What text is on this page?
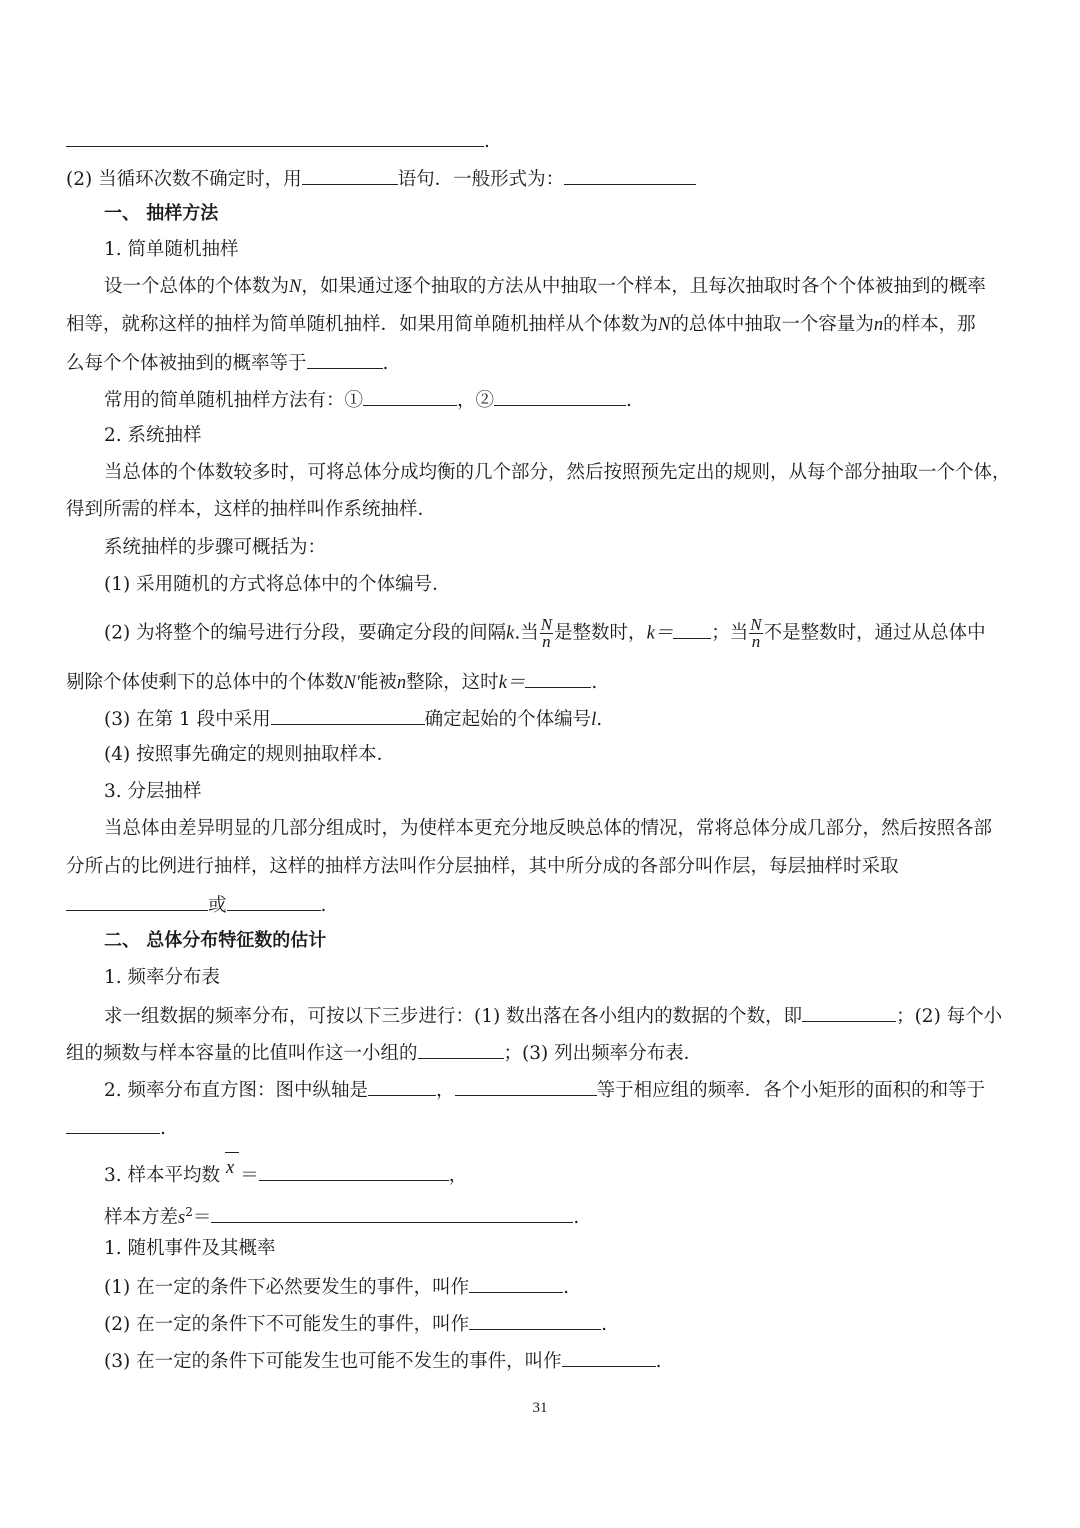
.
(2) 当循环次数不确定时，用	语句．一般形式为：
一、 抽样方法
1. 简单随机抽样
设一个总体的个体数为N，如果通过逐个抽取的方法从中抽取一个样本，且每次抽取时各个个体被抽到的概率
相等，就称这样的抽样为简单随机抽样．如果用简单随机抽样从个体数为N的总体中抽取一个容量为n的样本，那
么每个个体被抽到的概率等于	.
常用的简单随机抽样方法有：①	，②	.
2. 系统抽样
当总体的个体数较多时，可将总体分成均衡的几个部分，然后按照预先定出的规则，从每个部分抽取一个个体，
得到所需的样本，这样的抽样叫作系统抽样．
系统抽样的步骤可概括为：
(1) 采用随机的方式将总体中的个体编号．
(2) 为将整个的编号进行分段，要确定分段的间隔k.当 $\frac{N}{n}$ 是整数时，k＝ ；当 $\frac{N}{n}$ 不是整数时，通过从总体中
剔除个体使剩下的总体中的个体数N′能被n整除，这时k＝	.
(3) 在第 1 段中采用	确定起始的个体编号l.
(4) 按照事先确定的规则抽取样本．
3. 分层抽样
当总体由差异明显的几部分组成时，为使样本更充分地反映总体的情况，常将总体分成几部分，然后按照各部
分所占的比例进行抽样，这样的抽样方法叫作分层抽样，其中所分成的各部分叫作层，每层抽样时采取
或	.
二、 总体分布特征数的估计
1. 频率分布表
求一组数据的频率分布，可按以下三步进行：(1) 数出落在各小组内的数据的个数，即	；(2) 每个小
组的频数与样本容量的比值叫作这一小组的	；(3) 列出频率分布表．
2. 频率分布直方图：图中纵轴是	，	等于相应组的频率．各个小矩形的面积的和等于
.
3. 样本平均数 x ＝	，
样本方差$s^2=$	.
1. 随机事件及其概率
(1) 在一定的条件下必然要发生的事件，叫作	.
(2) 在一定的条件下不可能发生的事件，叫作	.
(3) 在一定的条件下可能发生也可能不发生的事件，叫作	.
31
